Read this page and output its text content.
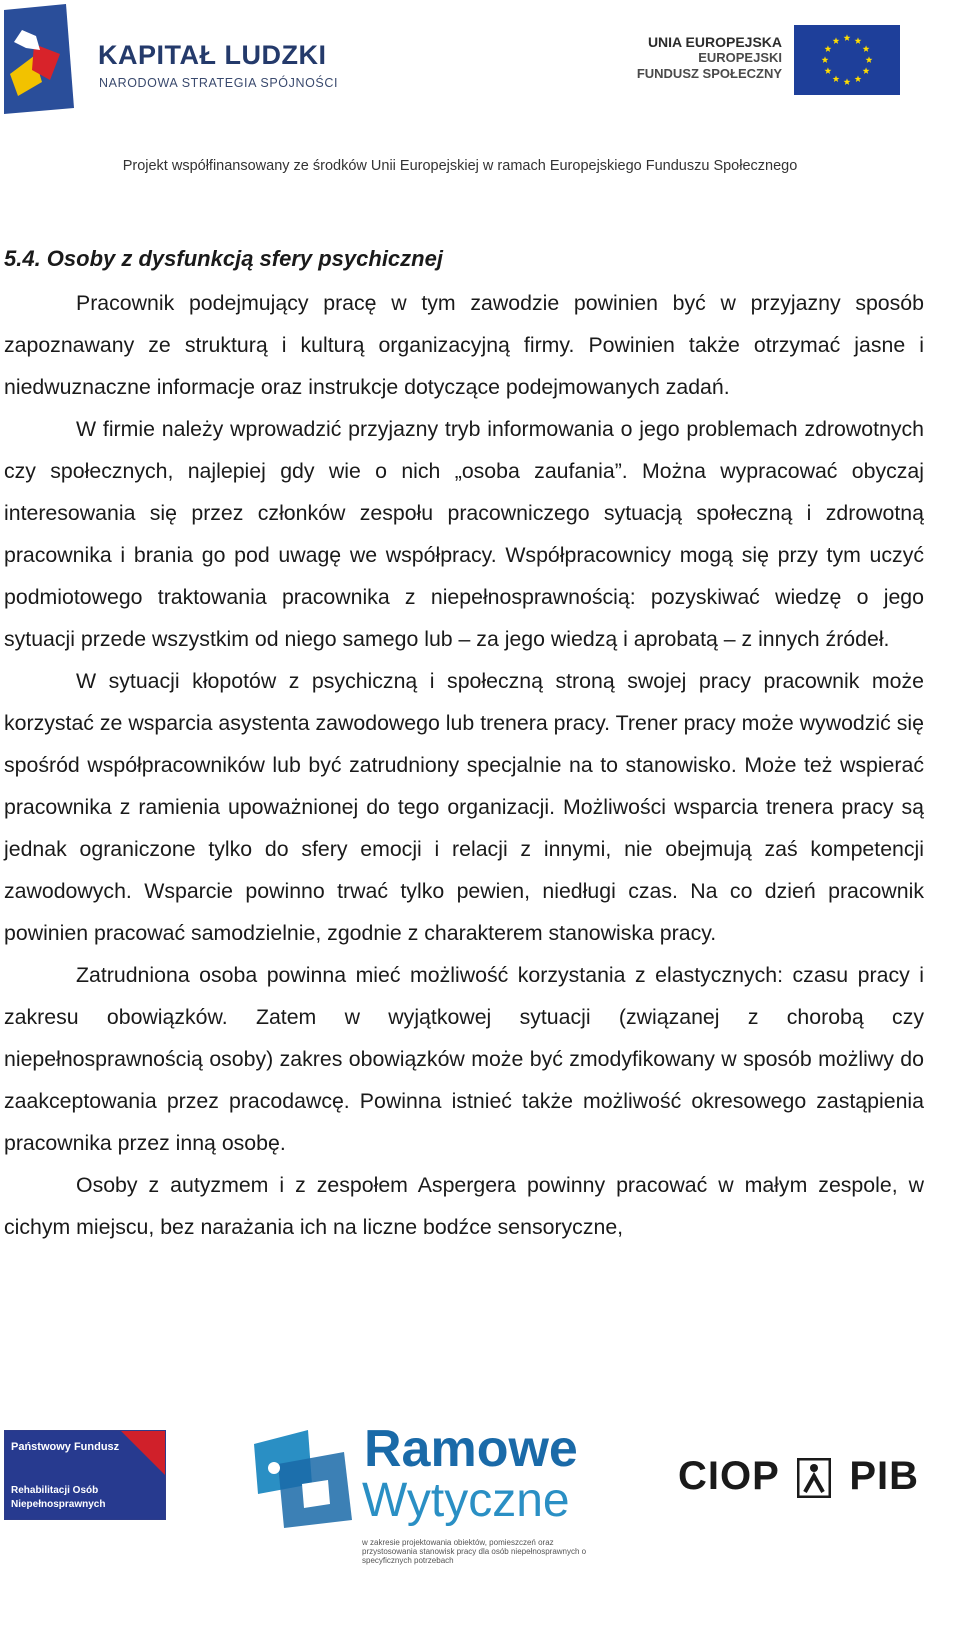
KAPITAŁ LUDZKI
NARODOWA STRATEGIA SPÓJNOŚCI
UNIA EUROPEJSKA
EUROPEJSKI
FUNDUSZ SPOŁECZNY
Projekt współfinansowany ze środków Unii Europejskiej w ramach Europejskiego Funduszu Społecznego
5.4. Osoby z dysfunkcją sfery psychicznej

Pracownik podejmujący pracę w tym zawodzie powinien być w przyjazny sposób zapoznawany ze strukturą i kulturą organizacyjną firmy. Powinien także otrzymać jasne i niedwuznaczne informacje oraz instrukcje dotyczące podejmowanych zadań.

W firmie należy wprowadzić przyjazny tryb informowania o jego problemach zdrowotnych czy społecznych, najlepiej gdy wie o nich „osoba zaufania”. Można wypracować obyczaj interesowania się przez członków zespołu pracowniczego sytuacją społeczną i zdrowotną pracownika i brania go pod uwagę we współpracy. Współpracownicy mogą się przy tym uczyć podmiotowego traktowania pracownika z niepełnosprawnością: pozyskiwać wiedzę o jego sytuacji przede wszystkim od niego samego lub – za jego wiedzą i aprobatą – z innych źródeł.

W sytuacji kłopotów z psychiczną i społeczną stroną swojej pracy pracownik może korzystać ze wsparcia asystenta zawodowego lub trenera pracy. Trener pracy może wywodzić się spośród współpracowników lub być zatrudniony specjalnie na to stanowisko. Może też wspierać pracownika z ramienia upoważnionej do tego organizacji. Możliwości wsparcia trenera pracy są jednak ograniczone tylko do sfery emocji i relacji z innymi, nie obejmują zaś kompetencji zawodowych. Wsparcie powinno trwać tylko pewien, niedługi czas. Na co dzień pracownik powinien pracować samodzielnie, zgodnie z charakterem stanowiska pracy.

Zatrudniona osoba powinna mieć możliwość korzystania z elastycznych: czasu pracy i zakresu obowiązków. Zatem w wyjątkowej sytuacji (związanej z chorobą czy niepełnosprawnością osoby) zakres obowiązków może być zmodyfikowany w sposób możliwy do zaakceptowania przez pracodawcę. Powinna istnieć także możliwość okresowego zastąpienia pracownika przez inną osobę.

Osoby z autyzmem i z zespołem Aspergera powinny pracować w małym zespole, w cichym miejscu, bez narażania ich na liczne bodźce sensoryczne,

Państwowy Fundusz
Rehabilitacji Osób
Niepełnosprawnych
Ramowe
Wytyczne
w zakresie projektowania obiektów, pomieszczeń oraz przystosowania stanowisk pracy dla osób niepełnosprawnych o specyficznych potrzebach
CIOP PIB
